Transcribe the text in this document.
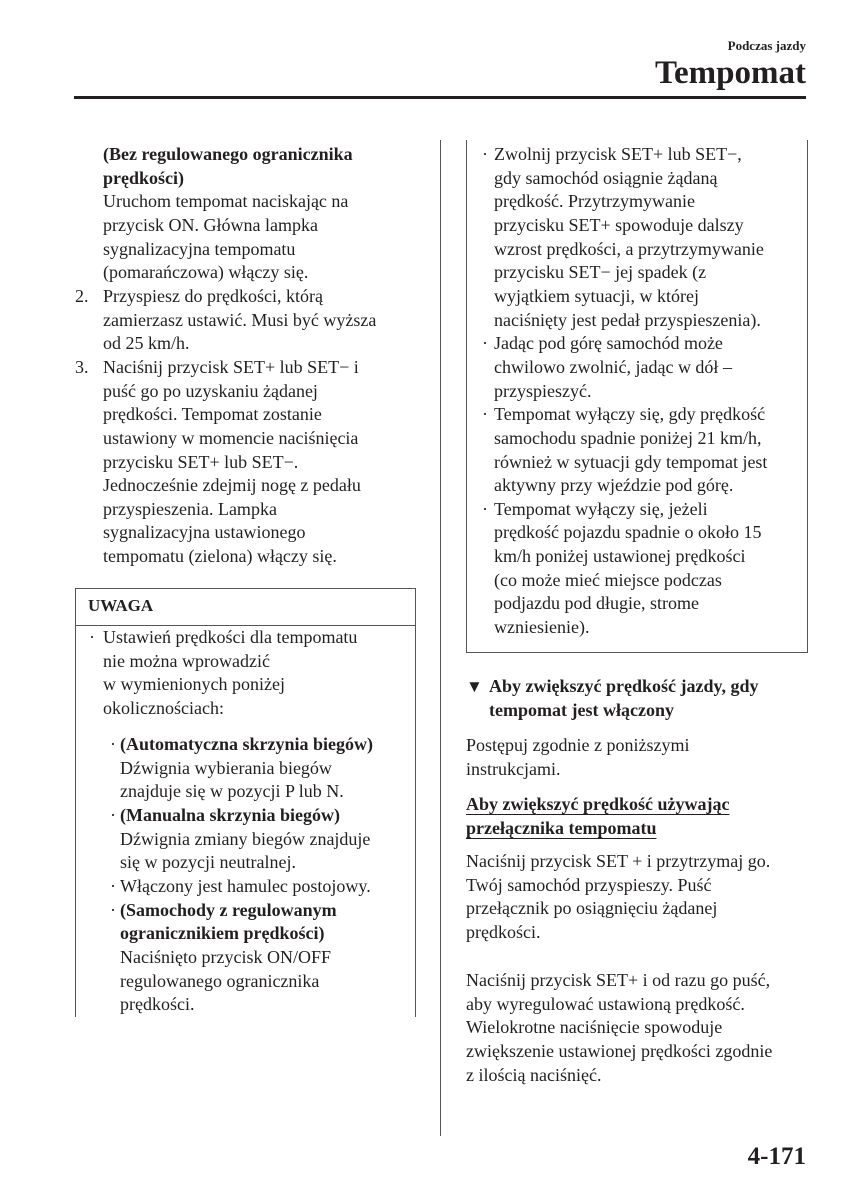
Podczas jazdy
Tempomat
(Bez regulowanego ogranicznika
prędkości)
Uruchom tempomat naciskając na
przycisk ON. Główna lampka
sygnalizacyjna tempomatu
(pomarańczowa) włączy się.
2. Przyspiesz do prędkości, którą
zamierzasz ustawić. Musi być wyższa
od 25 km/h.
3. Naciśnij przycisk SET+ lub SET− i
puść go po uzyskaniu żądanej
prędkości. Tempomat zostanie
ustawiony w momencie naciśnięcia
przycisku SET+ lub SET−.
Jednocześnie zdejmij nogę z pedału
przyspieszenia. Lampka
sygnalizacyjna ustawionego
tempomatu (zielona) włączy się.
UWAGA
· Ustawień prędkości dla tempomatu
nie można wprowadzić
w wymienionych poniżej
okolicznościach:
· (Automatyczna skrzynia biegów)
Dźwignia wybierania biegów
znajduje się w pozycji P lub N.
· (Manualna skrzynia biegów)
Dźwignia zmiany biegów znajduje
się w pozycji neutralnej.
· Włączony jest hamulec postojowy.
· (Samochody z regulowanym
ogranicznikiem prędkości)
Naciśnięto przycisk ON/OFF
regulowanego ogranicznika
prędkości.
· Zwolnij przycisk SET+ lub SET−,
gdy samochód osiągnie żądaną
prędkość. Przytrzymywanie
przycisku SET+ spowoduje dalszy
wzrost prędkości, a przytrzymywanie
przycisku SET− jej spadek (z
wyjątkiem sytuacji, w której
naciśnięty jest pedał przyspieszenia).
· Jadąc pod górę samochód może
chwilowo zwolnić, jadąc w dół –
przyspieszyć.
· Tempomat wyłączy się, gdy prędkość
samochodu spadnie poniżej 21 km/h,
również w sytuacji gdy tempomat jest
aktywny przy wjeździe pod górę.
· Tempomat wyłączy się, jeżeli
prędkość pojazdu spadnie o około 15
km/h poniżej ustawionej prędkości
(co może mieć miejsce podczas
podjazdu pod długie, strome
wzniesienie).
▼ Aby zwiększyć prędkość jazdy, gdy
tempomat jest włączony
Postępuj zgodnie z poniższymi
instrukcjami.
Aby zwiększyć prędkość używając
przełącznika tempomatu
Naciśnij przycisk SET + i przytrzymaj go.
Twój samochód przyspieszy. Puść
przełącznik po osiągnięciu żądanej
prędkości.
Naciśnij przycisk SET+ i od razu go puść,
aby wyregulować ustawioną prędkość.
Wielokrotne naciśnięcie spowoduje
zwiększenie ustawionej prędkości zgodnie
z ilością naciśnięć.
4-171
